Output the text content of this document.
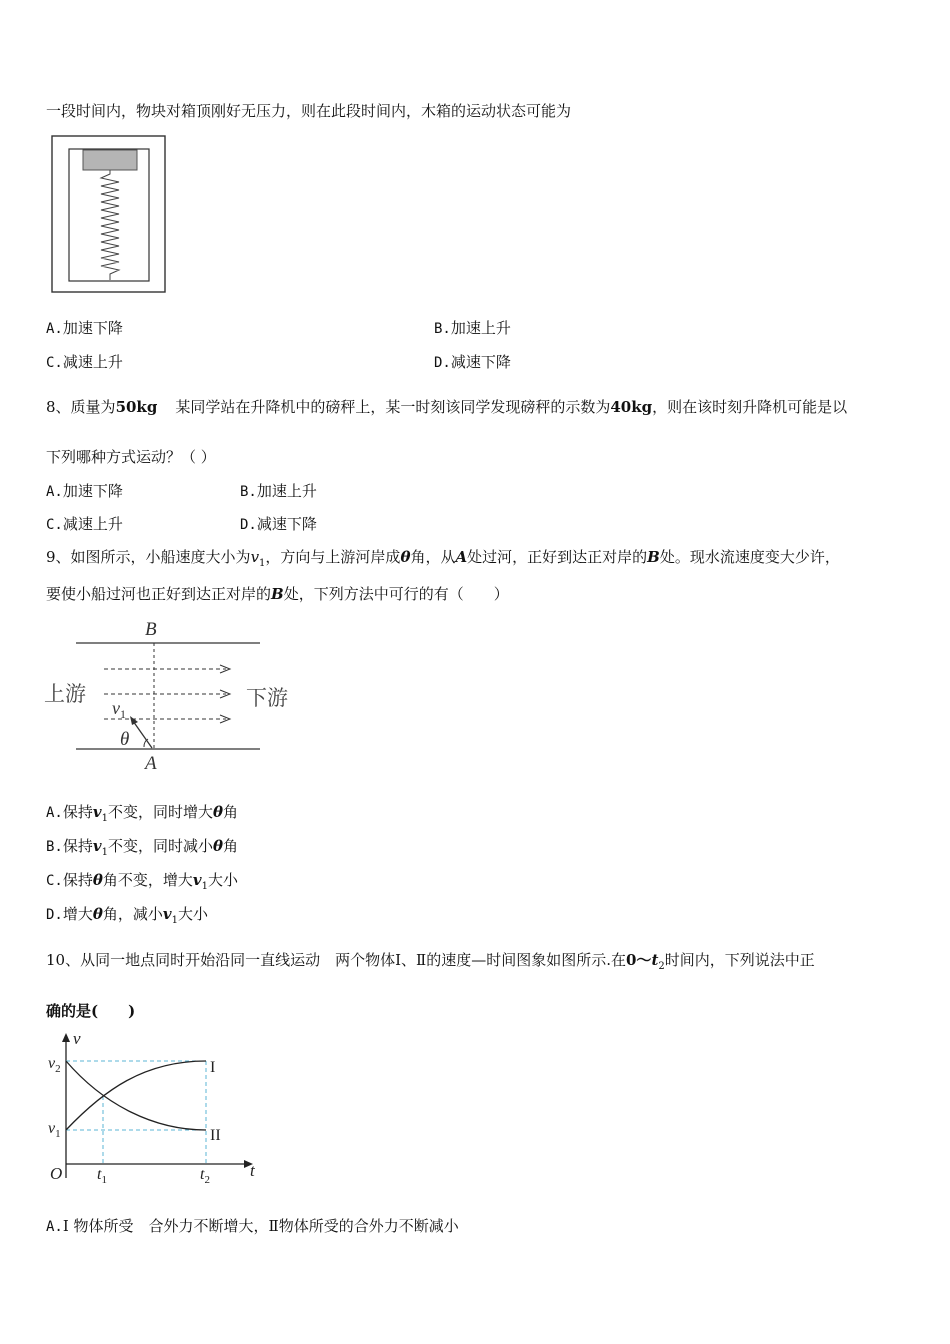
一段时间内，物块对箱顶刚好无压力，则在此段时间内，木箱的运动状态可能为
A.加速下降	B.加速上升
C.减速上升	D.减速下降
8、质量为50kg 某同学站在升降机中的磅秤上，某一时刻该同学发现磅秤的示数为40kg，则在该时刻升降机可能是以
下列哪种方式运动？（ ）
A.加速下降	B.加速上升
C.减速上升	D.减速下降
9、如图所示，小船速度大小为$v_1$，方向与上游河岸成θ角，从A处过河，正好到达正对岸的B处。现水流速度变大少许，
要使小船过河也正好到达正对岸的B处，下列方法中可行的有（　　）
B
A
上游	下游
$v_1$
θ
A.保持$v_1$不变，同时增大θ角
B.保持$v_1$不变，同时减小θ角
C.保持θ角不变，增大$v_1$大小
D.增大θ角，减小$v_1$大小
10、从同一地点同时开始沿同一直线运动　两个物体Ⅰ、Ⅱ的速度—时间图象如图所示.在$0\sim t_2$时间内，下列说法中正
确的是(　　)
v
t
O
$v_2$
$v_1$
$t_1$	$t_2$
I
II
A.Ⅰ 物体所受　合外力不断增大，Ⅱ物体所受的合外力不断减小
